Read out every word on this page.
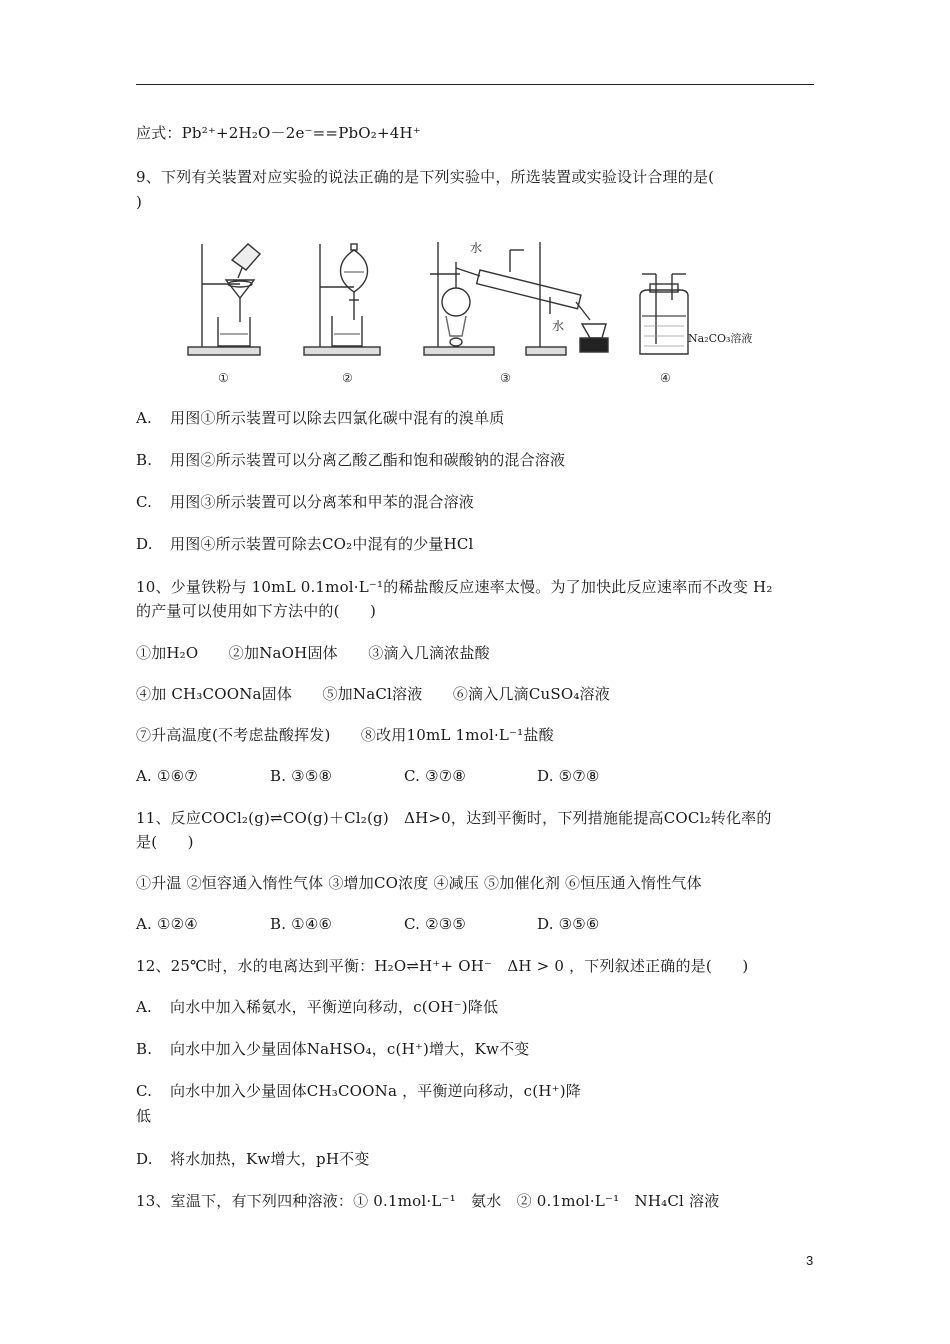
应式：Pb²⁺+2H₂O－2e⁻==PbO₂+4H⁺
9、下列有关装置对应实验的说法正确的是下列实验中，所选装置或实验设计合理的是(
)
水
水
Na₂CO₃溶液
①	②	③	④
A. 用图①所示装置可以除去四氯化碳中混有的溴单质
B. 用图②所示装置可以分离乙酸乙酯和饱和碳酸钠的混合溶液
C. 用图③所示装置可以分离苯和甲苯的混合溶液
D. 用图④所示装置可除去CO₂中混有的少量HCl
10、少量铁粉与 10mL 0.1mol·L⁻¹的稀盐酸反应速率太慢。为了加快此反应速率而不改变 H₂
的产量可以使用如下方法中的(　　)
①加H₂O　　②加NaOH固体　　③滴入几滴浓盐酸
④加 CH₃COONa固体　　⑤加NaCl溶液　　⑥滴入几滴CuSO₄溶液
⑦升高温度(不考虑盐酸挥发)　　⑧改用10mL 1mol·L⁻¹盐酸
A. ①⑥⑦	B. ③⑤⑧	C. ③⑦⑧	D. ⑤⑦⑧
11、反应COCl₂(g)⇌CO(g)＋Cl₂(g)　ΔH>0，达到平衡时，下列措施能提高COCl₂转化率的
是(　　)
①升温 ②恒容通入惰性气体 ③增加CO浓度 ④减压 ⑤加催化剂 ⑥恒压通入惰性气体
A. ①②④	B. ①④⑥	C. ②③⑤	D. ③⑤⑥
12、25℃时，水的电离达到平衡：H₂O⇌H⁺+ OH⁻　ΔH > 0 ，下列叙述正确的是(　　)
A. 向水中加入稀氨水，平衡逆向移动，c(OH⁻)降低
B. 向水中加入少量固体NaHSO₄，c(H⁺)增大，Kw不变
C. 向水中加入少量固体CH₃COONa ，平衡逆向移动，c(H⁺)降
低
D. 将水加热，Kw增大，pH不变
13、室温下，有下列四种溶液：① 0.1mol·L⁻¹　氨水　② 0.1mol·L⁻¹　NH₄Cl 溶液
3
